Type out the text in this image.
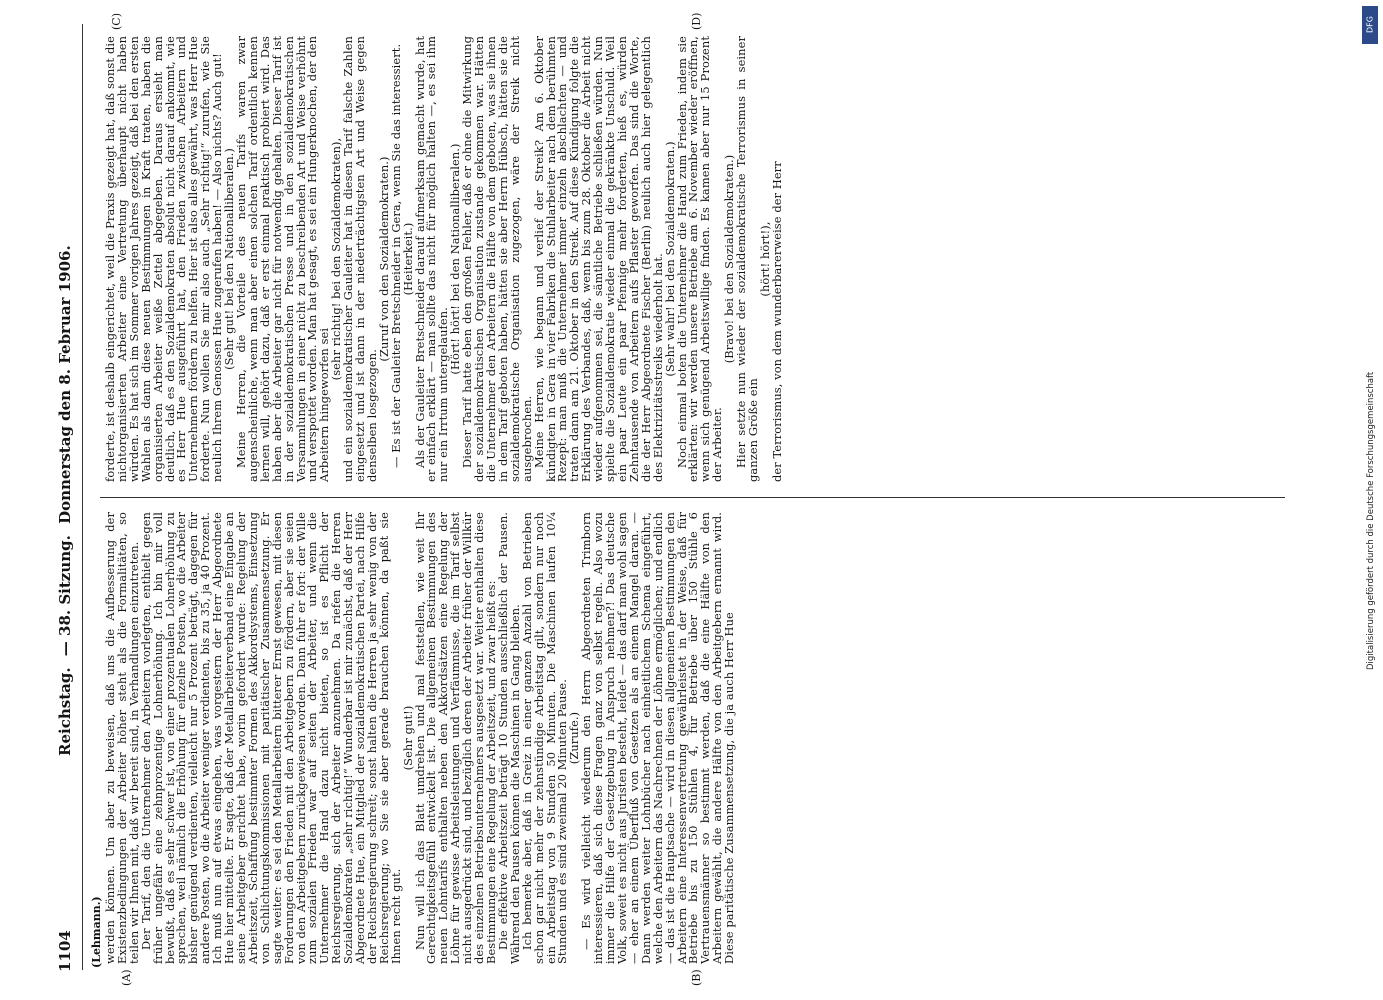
1104
Reichstag. — 38. Sitzung. Donnerstag den 8. Februar 1906.
(Lehmann.)
(A)	(B)
(C)	(D)

werden können. Um aber zu beweisen, daß uns die Aufbesserung der Existenzbedingungen der Arbeiter höher steht als die Formalitäten, so teilen wir Ihnen mit, daß wir bereit sind, in Verhandlungen einzutreten.

Der Tarif, den die Unternehmer den Arbeitern vorlegten, enthielt gegen früher ungefähr eine zehnprozentige Lohnerhöhung. Ich bin mir voll bewußt, daß es sehr schwer ist, von einer prozentualen Lohnerhöhung zu sprechen, weil nämlich die Erhöhung für einzelne Posten, wo die Arbeiter bisher genügend verdienten, vielleicht nur 5 Prozent beträgt, dagegen für andere Posten, wo die Arbeiter weniger verdienten, bis zu 35, ja 40 Prozent. Ich muß nun auf etwas eingehen, was vorgestern der Herr Abgeordnete Hue hier mitteilte. Er sagte, daß der Metallarbeiterverband eine Eingabe an seine Arbeitgeber gerichtet habe, worin gefordert wurde: Regelung der Arbeitszeit, Schaffung bestimmter Formen des Akkordsystems, Einsetzung von Schlichtungskommissionen mit paritätischer Zusammensetzung. Er sagte weiter: es sei den Metallarbeitern bitterer Ernst gewesen, mit diesen Forderungen den Frieden mit den Arbeitgebern zu fördern, aber sie seien von den Arbeitgebern zurückgewiesen worden. Dann fuhr er fort: der Wille zum sozialen Frieden war auf seiten der Arbeiter, und wenn die Unternehmer die Hand dazu nicht bieten, so ist es Pflicht der Reichsregierung, sich der Arbeiter anzunehmen. Da riefen die Herren Sozialdemokraten „sehr richtig!“ Wunderbar ist mir zunächst, daß der Herr Abgeordnete Hue, ein Mitglied der sozialdemokratischen Partei, nach Hilfe der Reichsregierung schreit; sonst halten die Herren ja sehr wenig von der Reichsregierung; wo Sie sie aber gerade brauchen können, da paßt sie Ihnen recht gut.

(Sehr gut!)

Nun will ich das Blatt umdrehen und mal feststellen, wie weit Ihr Gerechtigkeitsgefühl entwickelt ist. Die allgemeinen Bestimmungen des neuen Lohntarifs enthalten neben den Akkordsätzen eine Regelung der Löhne für gewisse Arbeitsleistungen und Verfäumnisse, die im Tarif selbst nicht ausgedrückt sind, und bezüglich deren der Arbeiter früher der Willkür des einzelnen Betriebsunternehmers ausgesetzt war. Weiter enthalten diese Bestimmungen eine Regelung der Arbeitszeit, und zwar heißt es:

Die effektive Arbeitszeit beträgt 10 Stunden ausschließlich der Pausen. Während den Pausen können die Maschinen in Gang bleiben.

Ich bemerke aber, daß in Greiz in einer ganzen Anzahl von Betrieben schon gar nicht mehr der zehnstündige Arbeitstag gilt, sondern nur noch ein Arbeitstag von 9 Stunden 50 Minuten. Die Maschinen laufen 10¼ Stunden und es sind zweimal 20 Minuten Pause.

(Zurufe.)

— Es wird vielleicht wiederum den Herrn Abgeordneten Trimborn interessieren, daß sich diese Fragen ganz von selbst regeln. Also wozu immer die Hilfe der Gesetzgebung in Anspruch nehmen?! Das deutsche Volk, soweit es nicht aus Juristen besteht, leidet — das darf man wohl sagen — eher an einem Überfluß von Gesetzen als an einem Mangel daran. — Dann werden weiter Lohnbücher nach einheitlichem Schema eingeführt, welche den Arbeitern das Nachrechnen der Löhne ermöglichen; und endlich — das ist die Hauptsache — wird in diesen allgemeinen Bestimmungen den Arbeitern eine Interessenvertretung gewährleistet in der Weise, daß für Betriebe bis zu 150 Stühlen 4, für Betriebe über 150 Stühle 6 Vertrauensmänner so bestimmt werden, daß die eine Hälfte von den Arbeitern gewählt, die andere Hälfte von den Arbeitgebern ernannt wird. Diese paritätische Zusammensetzung, die ja auch Herr Hue

forderte, ist deshalb eingerichtet, weil die Praxis gezeigt hat, daß sonst die nichtorganisierten Arbeiter eine Vertretung überhaupt nicht haben würden. Es hat sich im Sommer vorigen Jahres gezeigt, daß bei den ersten Wahlen als dann diese neuen Bestimmungen in Kraft traten, haben die organisierten Arbeiter weiße Zettel abgegeben. Daraus ersieht man deutlich, daß es den Sozialdemokraten absolut nicht darauf ankommt, wie es Herr Hue ausgeführt hat, den Frieden zwischen Arbeitern und Unternehmern fördern zu helfen. Hier ist also alles gewährt, was Herr Hue forderte. Nun wollen Sie mir also auch „Sehr richtig!“ zurufen, wie Sie neulich Ihrem Genossen Hue zugerufen haben! — Also nichts? Auch gut!

(Sehr gut! bei den Nationalliberalen.)

Meine Herren, die Vorteile des neuen Tarifs waren zwar augenscheinliche, wenn man aber einen solchen Tarif ordentlich kennen lernen will, gehört dazu, daß er erst einmal praktisch probiert wird. Das haben aber die Arbeiter gar nicht für notwendig gehalten. Dieser Tarif ist in der sozialdemokratischen Presse und in den sozialdemokratischen Versammlungen in einer nicht zu beschreibenden Art und Weise verhöhnt und verspottet worden. Man hat gesagt, es sei ein Hungerknochen, der den Arbeitern hingeworfen sei

(sehr richtig! bei den Sozialdemokraten),

und ein sozialdemokratischer Gauleiter hat in diesen Tarif falsche Zahlen eingesetzt und ist dann in der niederträchtigsten Art und Weise gegen denselben losgezogen.

(Zuruf von den Sozialdemokraten.)

— Es ist der Gauleiter Bretschneider in Gera, wenn Sie das interessiert.

(Heiterkeit.)

Als der Gauleiter Bretschneider darauf aufmerksam gemacht wurde, hat er einfach erklärt — man sollte das nicht für möglich halten —, es sei ihm nur ein Irrtum untergelaufen.

(Hört! hört! bei den Nationalliberalen.)

Dieser Tarif hatte eben den großen Fehler, daß er ohne die Mitwirkung der sozialdemokratischen Organisation zustande gekommen war. Hätten die Unternehmer den Arbeitern die Hälfte von dem geboten, was sie ihnen in dem Tarif geboten haben, hätten sie aber Herrn Hübsch, hätten sie die sozialdemokratische Organisation zugezogen, wäre der Streik nicht ausgebrochen.

Meine Herren, wie begann und verlief der Streik? Am 6. Oktober kündigten in Gera in vier Fabriken die Stuhlarbeiter nach dem berühmten Rezept: man muß die Unternehmer immer einzeln abschlachten — und traten dann am 21. Oktober in den Streik. Auf diese Kündigung folgte die Erklärung des Verbandes, daß, wenn bis zum 28. Oktober die Arbeit nicht wieder aufgenommen sei, die sämtliche Betriebe schließen würden. Nun spielte die Sozialdemokratie wieder einmal die gekränkte Unschuld. Weil ein paar Leute ein paar Pfennige mehr forderten, hieß es, würden Zehntausende von Arbeitern aufs Pflaster geworfen. Das sind die Worte, die der Herr Abgeordnete Fischer (Berlin) neulich auch hier gelegentlich des Elektrizitätsstreiks wiederholt hat.

(Sehr wahr! bei den Sozialdemokraten.)

Noch einmal boten die Unternehmer die Hand zum Frieden, indem sie erklärten: wir werden unsere Betriebe am 6. November wieder eröffnen, wenn sich genügend Arbeitswillige finden. Es kamen aber nur 15 Prozent der Arbeiter.

(Bravo! bei den Sozialdemokraten.)

Hier setzte nun wieder der sozialdemokratische Terrorismus in seiner ganzen Größe ein

(hört! hört!),

der Terrorismus, von dem wunderbarerweise der Herr

DFG
Digitalisierung gefördert durch die Deutsche Forschungsgemeinschaft
